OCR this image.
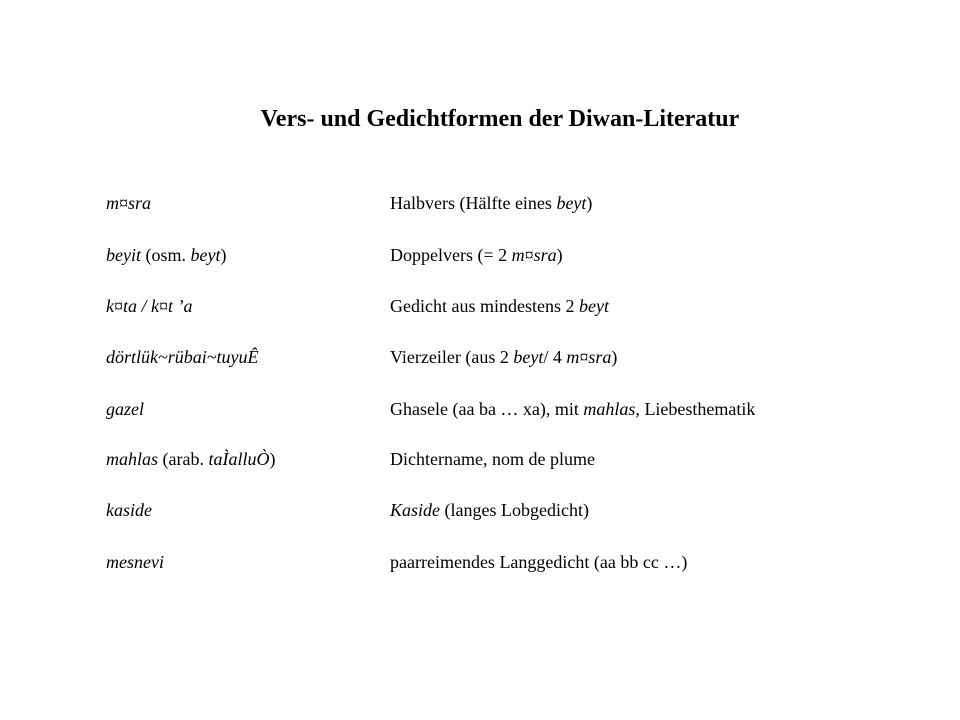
Vers- und Gedichtformen der Diwan-Literatur
m¤sra	Halbvers (Hälfte eines beyt)
beyit (osm. beyt)	Doppelvers (= 2 m¤sra)
k¤ta / k¤t ’a	Gedicht aus mindestens 2 beyt
dörtlük~rübai~tuyuÊ	Vierzeiler (aus 2 beyt/ 4 m¤sra)
gazel	Ghasele (aa ba … xa), mit mahlas, Liebesthematik
mahlas (arab. taÌalluÒ)	Dichtername, nom de plume
kaside	Kaside (langes Lobgedicht)
mesnevi	paarreimendes Langgedicht (aa bb cc …)
